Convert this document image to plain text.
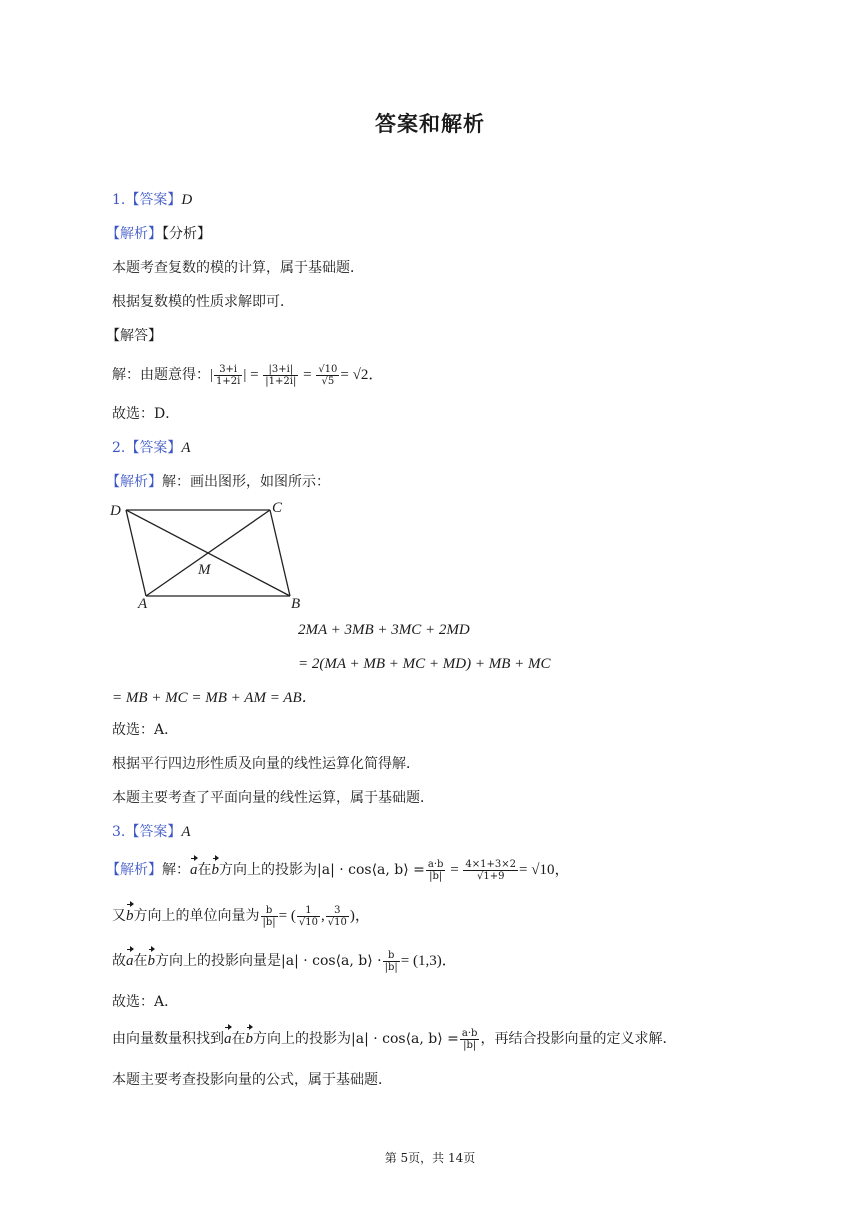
答案和解析
1.【答案】D
【解析】【分析】
本题考查复数的模的计算，属于基础题．
根据复数模的性质求解即可．
【解答】
解：由题意得：| $\frac{3+i}{1+2i}$ | = $\frac{|3+i|}{|1+2i|} = \frac{√10}{√5} = √2$．
故选：D．
2.【答案】A
【解析】解：画出图形，如图所示：
D	C
M
A	B
2MA + 3MB + 3MC + 2MD
= 2(MA + MB + MC + MD) + MB + MC
= MB + MC = MB + AM = AB．
故选：A．
根据平行四边形性质及向量的线性运算化简得解．
本题主要考查了平面向量的线性运算，属于基础题．
3.【答案】A
【解析】解：a在b方向上的投影为|a| · cos⟨a, b⟩ = $\frac{a\cdot b}{|b|} = \frac{4\times 1+3\times 2}{√1+9} = √10$，
又b方向上的单位向量为 $\frac{b}{|b|}$ = ( $\frac{1}{√10}$ , $\frac{3}{√10}$ )，
故a在b方向上的投影向量是|a| · cos⟨a, b⟩ · $\frac{b}{|b|} = (1,3)$．
故选：A．
由向量数量积找到a在b方向上的投影为|a| · cos⟨a, b⟩ = $\frac{a\cdot b}{|b|}$ ，再结合投影向量的定义求解．
本题主要考查投影向量的公式，属于基础题．
第 5页，共 14页
